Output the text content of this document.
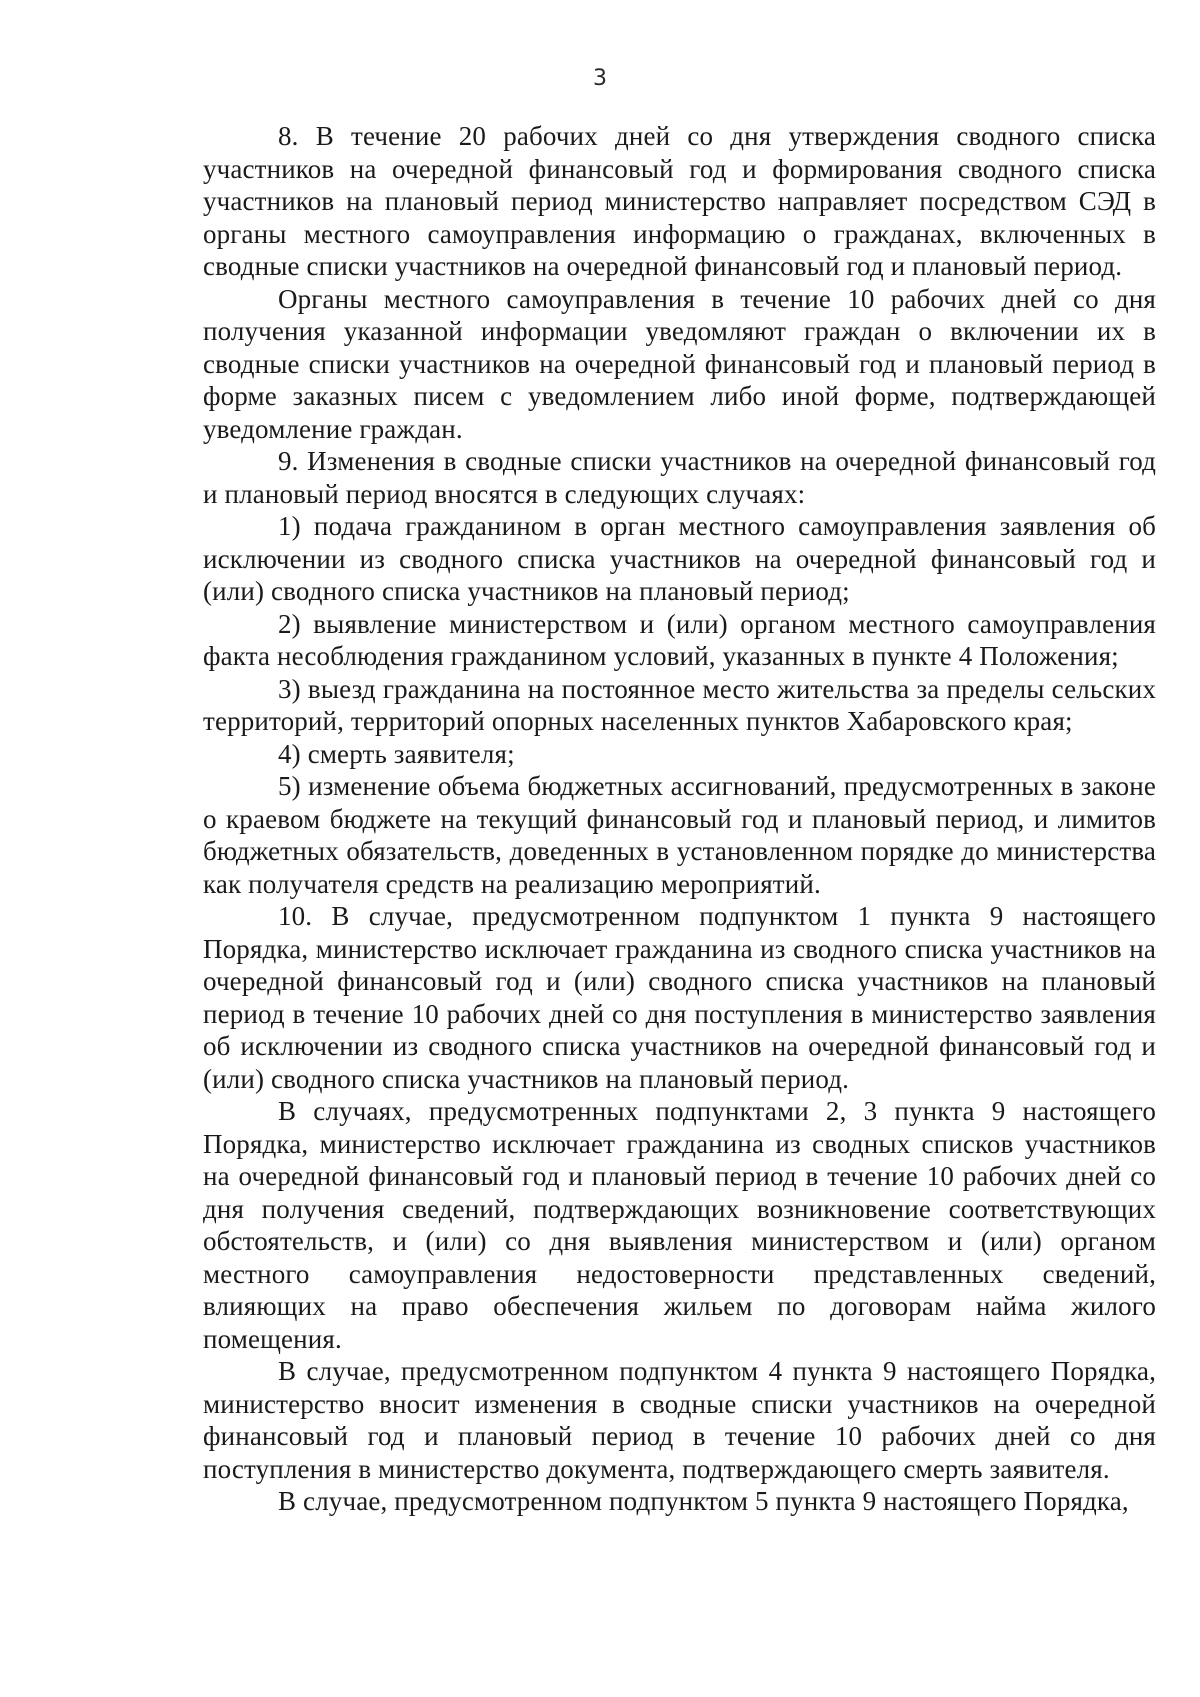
3

8. В течение 20 рабочих дней со дня утверждения сводного списка участников на очередной финансовый год и формирования сводного списка участников на плановый период министерство направляет посредством СЭД в органы местного самоуправления информацию о гражданах, включенных в сводные списки участников на очередной финансовый год и плановый период.

Органы местного самоуправления в течение 10 рабочих дней со дня получения указанной информации уведомляют граждан о включении их в сводные списки участников на очередной финансовый год и плановый период в форме заказных писем с уведомлением либо иной форме, подтверждающей уведомление граждан.

9. Изменения в сводные списки участников на очередной финансовый год и плановый период вносятся в следующих случаях:

1) подача гражданином в орган местного самоуправления заявления об исключении из сводного списка участников на очередной финансовый год и (или) сводного списка участников на плановый период;

2) выявление министерством и (или) органом местного самоуправления факта несоблюдения гражданином условий, указанных в пункте 4 Положения;

3) выезд гражданина на постоянное место жительства за пределы сельских территорий, территорий опорных населенных пунктов Хабаровского края;

4) смерть заявителя;

5) изменение объема бюджетных ассигнований, предусмотренных в законе о краевом бюджете на текущий финансовый год и плановый период, и лимитов бюджетных обязательств, доведенных в установленном порядке до министерства как получателя средств на реализацию мероприятий.

10. В случае, предусмотренном подпунктом 1 пункта 9 настоящего Порядка, министерство исключает гражданина из сводного списка участников на очередной финансовый год и (или) сводного списка участников на плановый период в течение 10 рабочих дней со дня поступления в министерство заявления об исключении из сводного списка участников на очередной финансовый год и (или) сводного списка участников на плановый период.

В случаях, предусмотренных подпунктами 2, 3 пункта 9 настоящего Порядка, министерство исключает гражданина из сводных списков участников на очередной финансовый год и плановый период в течение 10 рабочих дней со дня получения сведений, подтверждающих возникновение соответствующих обстоятельств, и (или) со дня выявления министерством и (или) органом местного самоуправления недостоверности представленных сведений, влияющих на право обеспечения жильем по договорам найма жилого помещения.

В случае, предусмотренном подпунктом 4 пункта 9 настоящего Порядка, министерство вносит изменения в сводные списки участников на очередной финансовый год и плановый период в течение 10 рабочих дней со дня поступления в министерство документа, подтверждающего смерть заявителя.

В случае, предусмотренном подпунктом 5 пункта 9 настоящего Порядка,
